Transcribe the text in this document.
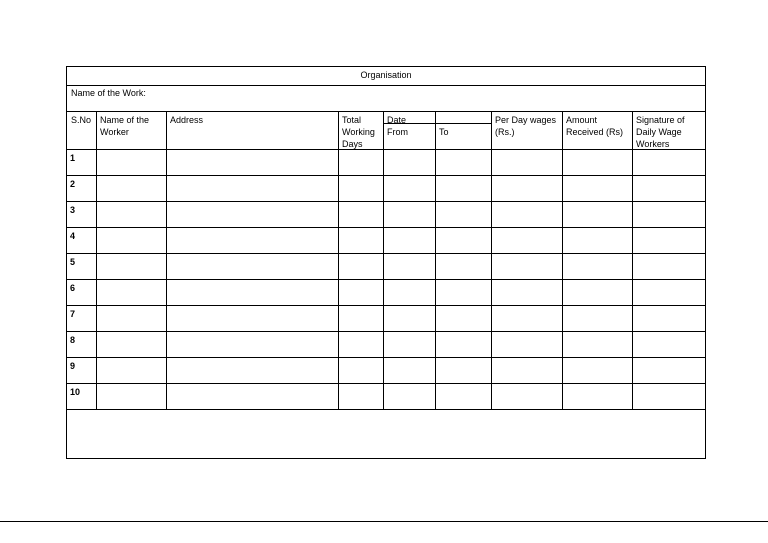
Organisation
Name of the Work:
S.No Name of the Worker
Address	Total Working Days
Date
From	To
Per Day wages (Rs.)
Amount Received (Rs)
Signature of Daily Wage Workers
1
2
3
4
5
6
7
8
9
10
